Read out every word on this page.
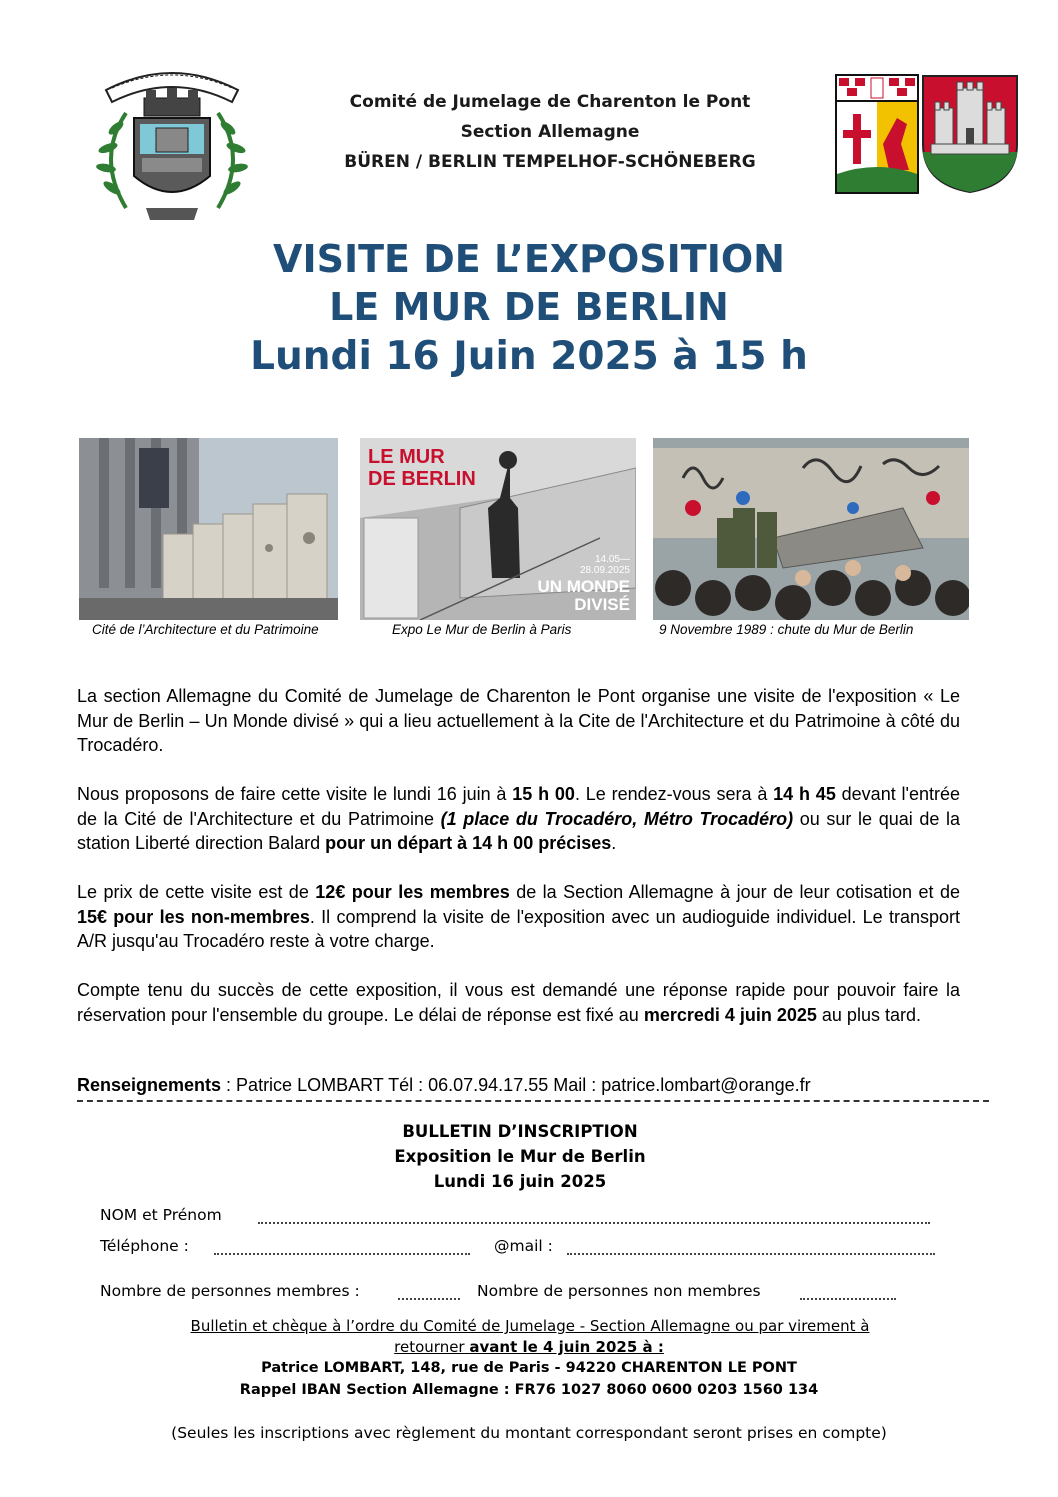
Comité de Jumelage de Charenton le Pont
Section Allemagne
BÜREN / BERLIN TEMPELHOF-SCHÖNEBERG
VISITE DE L’EXPOSITION
LE MUR DE BERLIN
Lundi 16 Juin 2025 à 15 h
LE MUR
DE BERLIN
14.05—
28.09.2025
UN MONDE
DIVISÉ
Cité de l’Architecture et du Patrimoine	Expo Le Mur de Berlin à Paris	9 Novembre 1989 : chute du Mur de Berlin
La section Allemagne du Comité de Jumelage de Charenton le Pont organise une visite de l'exposition « Le Mur de Berlin – Un Monde divisé » qui a lieu actuellement à la Cite de l'Architecture et du Patrimoine à côté du Trocadéro.
Nous proposons de faire cette visite le lundi 16 juin à 15 h 00. Le rendez-vous sera à 14 h 45 devant l'entrée de la Cité de l'Architecture et du Patrimoine (1 place du Trocadéro, Métro Trocadéro) ou sur le quai de la station Liberté direction Balard pour un départ à 14 h 00 précises.
Le prix de cette visite est de 12€ pour les membres de la Section Allemagne à jour de leur cotisation et de 15€ pour les non-membres. Il comprend la visite de l'exposition avec un audioguide individuel. Le transport A/R jusqu'au Trocadéro reste à votre charge.
Compte tenu du succès de cette exposition, il vous est demandé une réponse rapide pour pouvoir faire la réservation pour l'ensemble du groupe. Le délai de réponse est fixé au mercredi 4 juin 2025 au plus tard.
Renseignements : Patrice LOMBART Tél : 06.07.94.17.55 Mail : patrice.lombart@orange.fr
BULLETIN D’INSCRIPTION
Exposition le Mur de Berlin
Lundi 16 juin 2025
NOM et Prénom
Téléphone :	@mail :
Nombre de personnes membres :	Nombre de personnes non membres
Bulletin et chèque à l’ordre du Comité de Jumelage - Section Allemagne ou par virement à
retourner avant le 4 juin 2025 à :
Patrice LOMBART, 148, rue de Paris - 94220 CHARENTON LE PONT
Rappel IBAN Section Allemagne : FR76 1027 8060 0600 0203 1560 134
(Seules les inscriptions avec règlement du montant correspondant seront prises en compte)
